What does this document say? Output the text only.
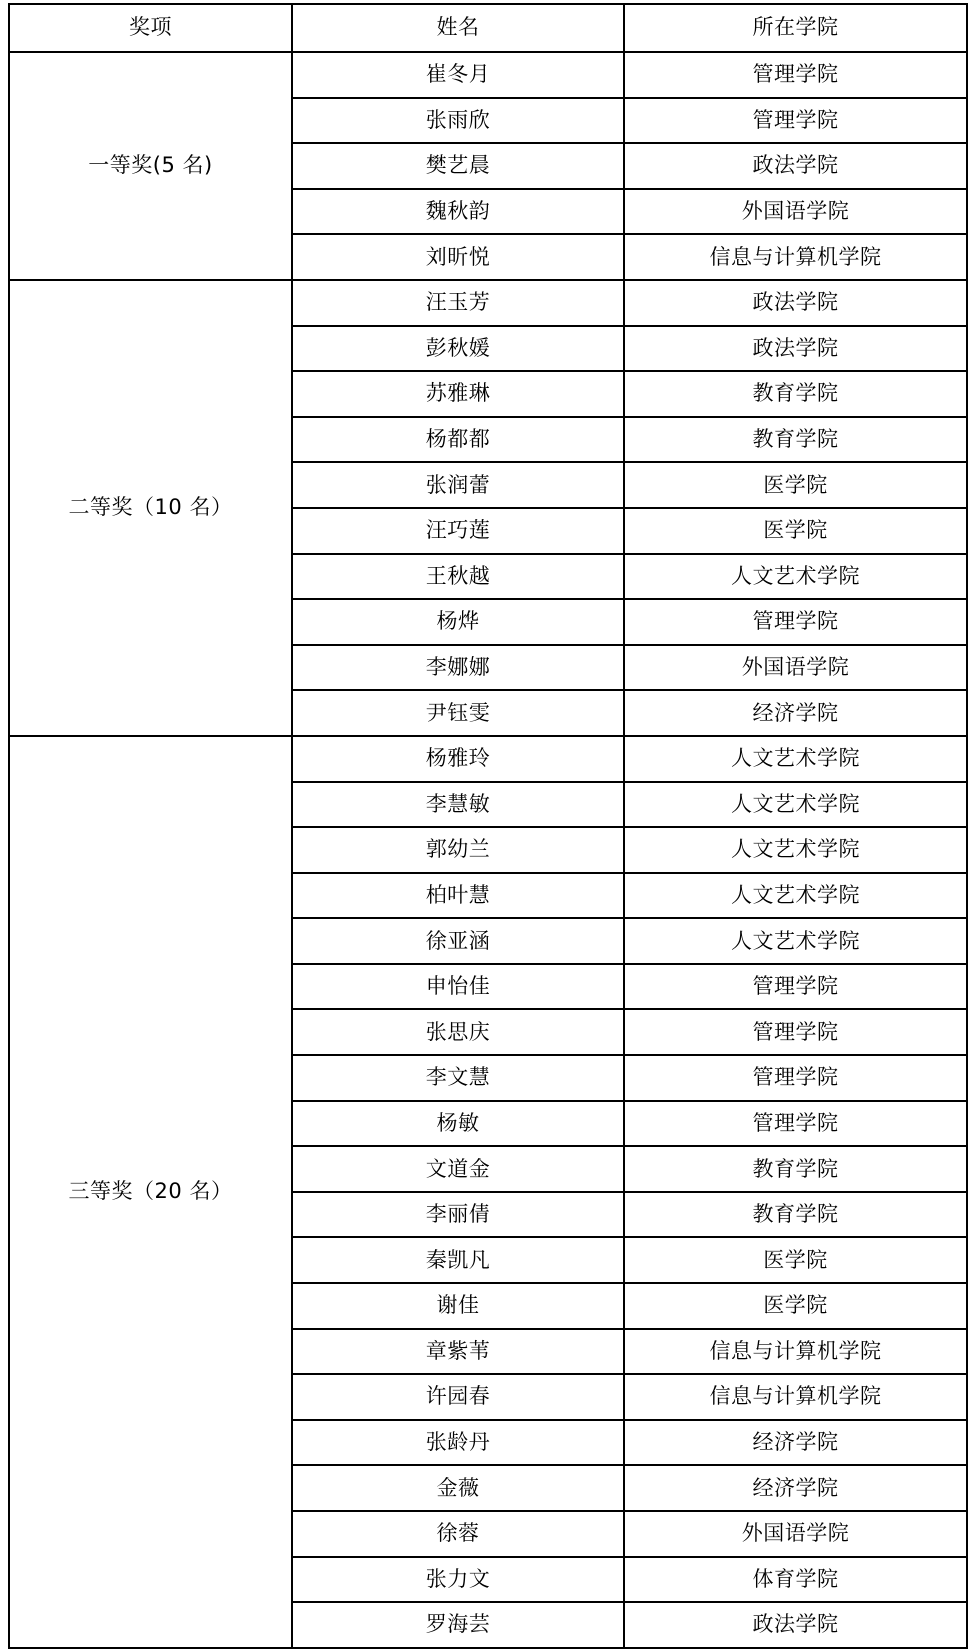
奖项	姓名	所在学院
一等奖(5 名)	崔冬月	管理学院
	张雨欣	管理学院
	樊艺晨	政法学院
	魏秋韵	外国语学院
	刘昕悦	信息与计算机学院
二等奖（10 名）	汪玉芳	政法学院
	彭秋媛	政法学院
	苏雅琳	教育学院
	杨都都	教育学院
	张润蕾	医学院
	汪巧莲	医学院
	王秋越	人文艺术学院
	杨烨	管理学院
	李娜娜	外国语学院
	尹钰雯	经济学院
三等奖（20 名）	杨雅玲	人文艺术学院
	李慧敏	人文艺术学院
	郭幼兰	人文艺术学院
	柏叶慧	人文艺术学院
	徐亚涵	人文艺术学院
	申怡佳	管理学院
	张思庆	管理学院
	李文慧	管理学院
	杨敏	管理学院
	文道金	教育学院
	李丽倩	教育学院
	秦凯凡	医学院
	谢佳	医学院
	章紫苇	信息与计算机学院
	许园春	信息与计算机学院
	张龄丹	经济学院
	金薇	经济学院
	徐蓉	外国语学院
	张力文	体育学院
	罗海芸	政法学院
